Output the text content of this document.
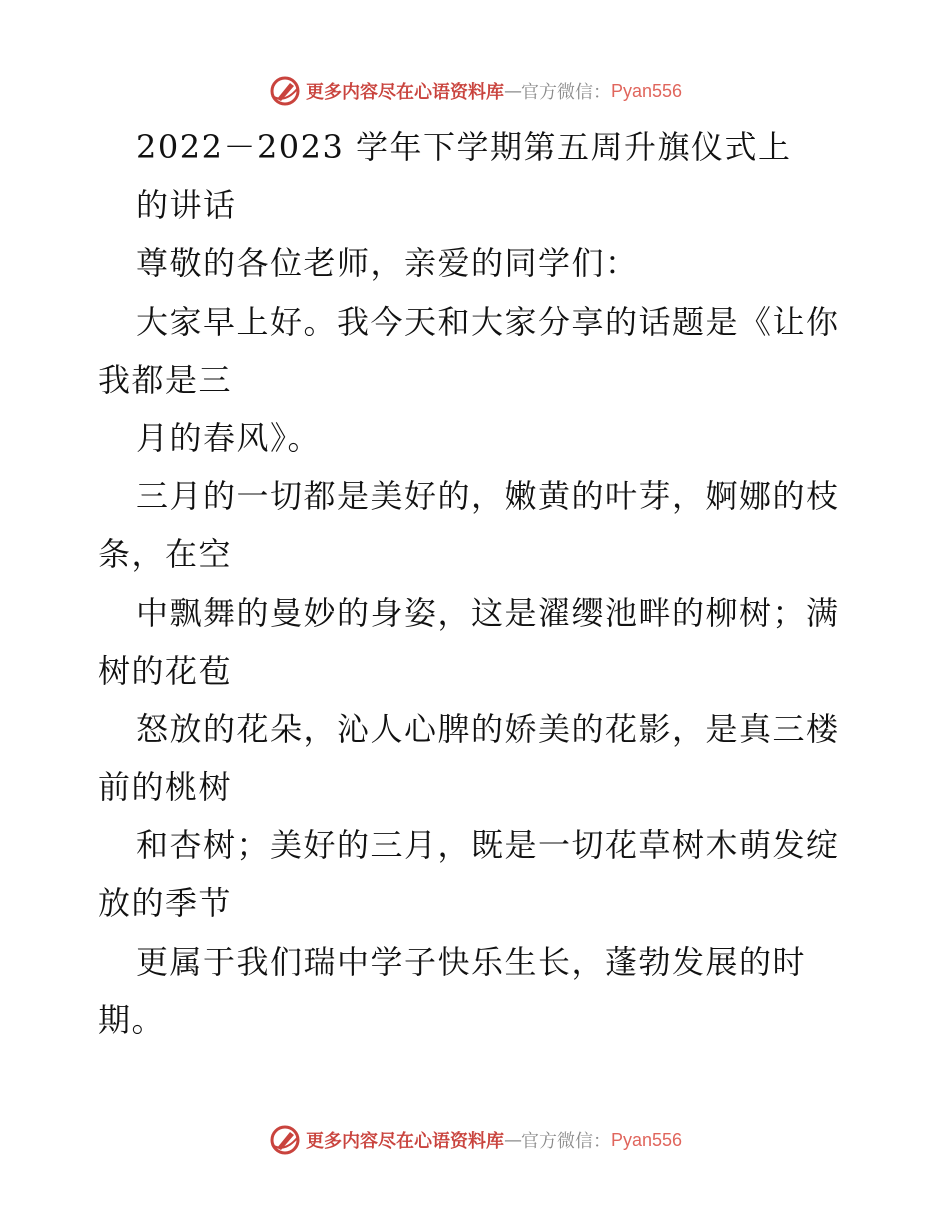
更多内容尽在心语资料库 — 官方微信： Pyan556
2022－2023 学年下学期第五周升旗仪式上
的讲话
尊敬的各位老师，亲爱的同学们：
大家早上好。我今天和大家分享的话题是《让你
我都是三
月的春风》。
三月的一切都是美好的，嫩黄的叶芽，婀娜的枝
条，在空
中飘舞的曼妙的身姿，这是濯缨池畔的柳树；满
树的花苞
怒放的花朵，沁人心脾的娇美的花影，是真三楼
前的桃树
和杏树；美好的三月，既是一切花草树木萌发绽
放的季节
更属于我们瑞中学子快乐生长，蓬勃发展的时
期。
更多内容尽在心语资料库 — 官方微信： Pyan556
